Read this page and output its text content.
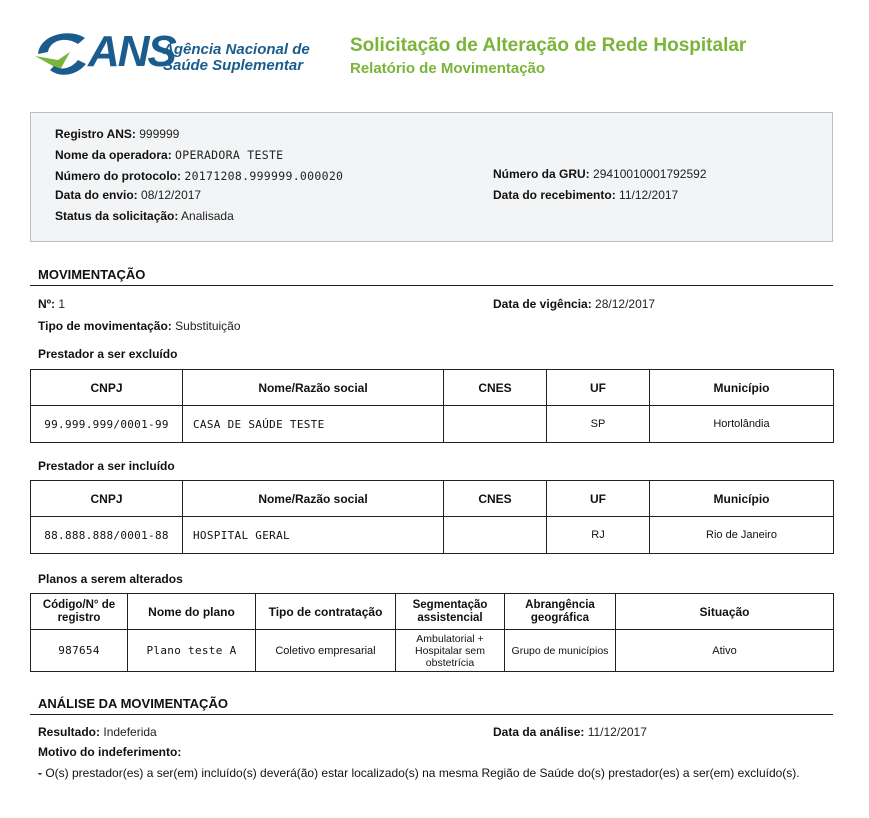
ANS
Agência Nacional de
Saúde Suplementar
Solicitação de Alteração de Rede Hospitalar
Relatório de Movimentação
Registro ANS: 999999
Nome da operadora: OPERADORA TESTE
Número do protocolo: 20171208.999999.000020
Data do envio: 08/12/2017
Status da solicitação: Analisada
Número da GRU: 29410010001792592
Data do recebimento: 11/12/2017
MOVIMENTAÇÃO
Nº: 1	Data de vigência: 28/12/2017
Tipo de movimentação: Substituição
Prestador a ser excluído
CNPJ	Nome/Razão social	CNES	UF	Município
99.999.999/0001-99	CASA DE SAÚDE TESTE		SP	Hortolândia
Prestador a ser incluído
CNPJ	Nome/Razão social	CNES	UF	Município
88.888.888/0001-88	HOSPITAL GERAL		RJ	Rio de Janeiro
Planos a serem alterados
Código/N° de registro	Nome do plano	Tipo de contratação	Segmentação assistencial	Abrangência geográfica	Situação
987654	Plano teste A	Coletivo empresarial	Ambulatorial + Hospitalar sem obstetrícia	Grupo de municípios	Ativo
ANÁLISE DA MOVIMENTAÇÃO
Resultado: Indeferida	Data da análise: 11/12/2017
Motivo do indeferimento:
- O(s) prestador(es) a ser(em) incluído(s) deverá(ão) estar localizado(s) na mesma Região de Saúde do(s) prestador(es) a ser(em) excluído(s).
